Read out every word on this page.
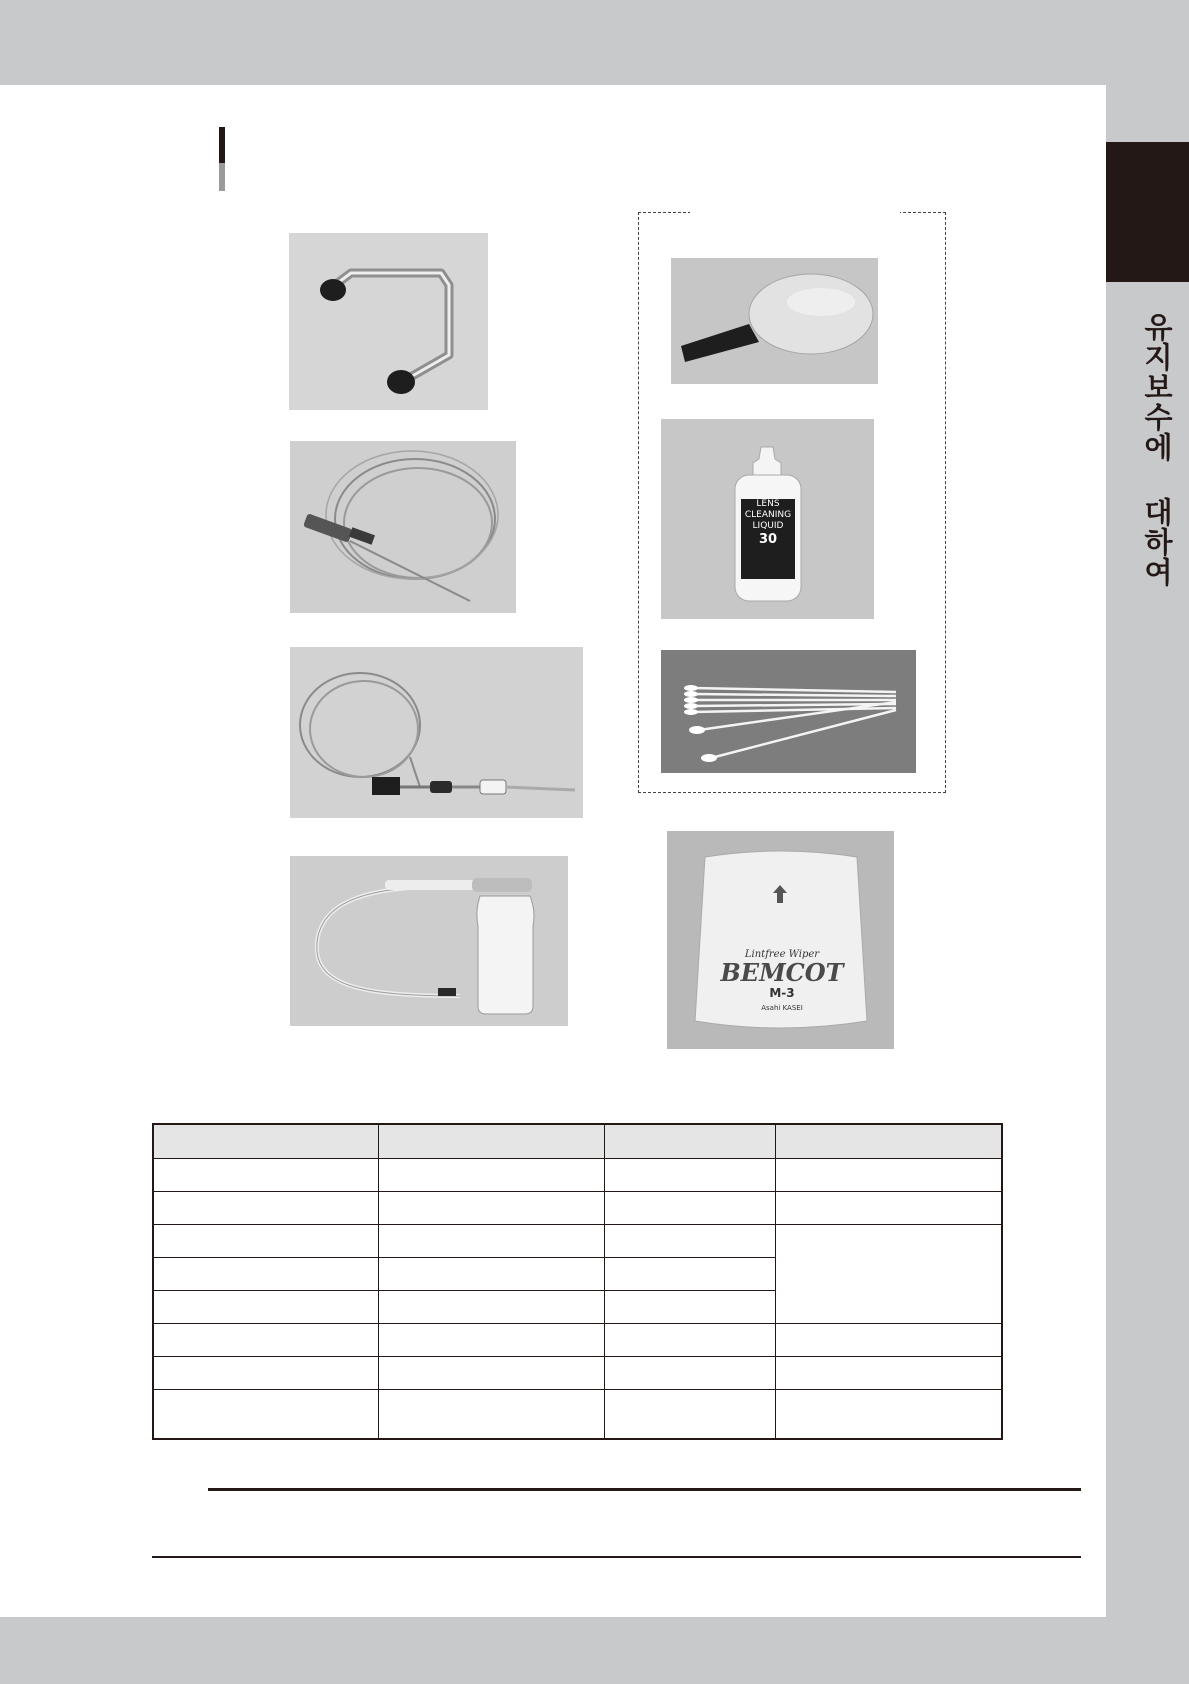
유지보수에 대하여
LENS
CLEANING
LIQUID
30
Lintfree Wiper
BEMCOT
M-3
Asahi KASEI
